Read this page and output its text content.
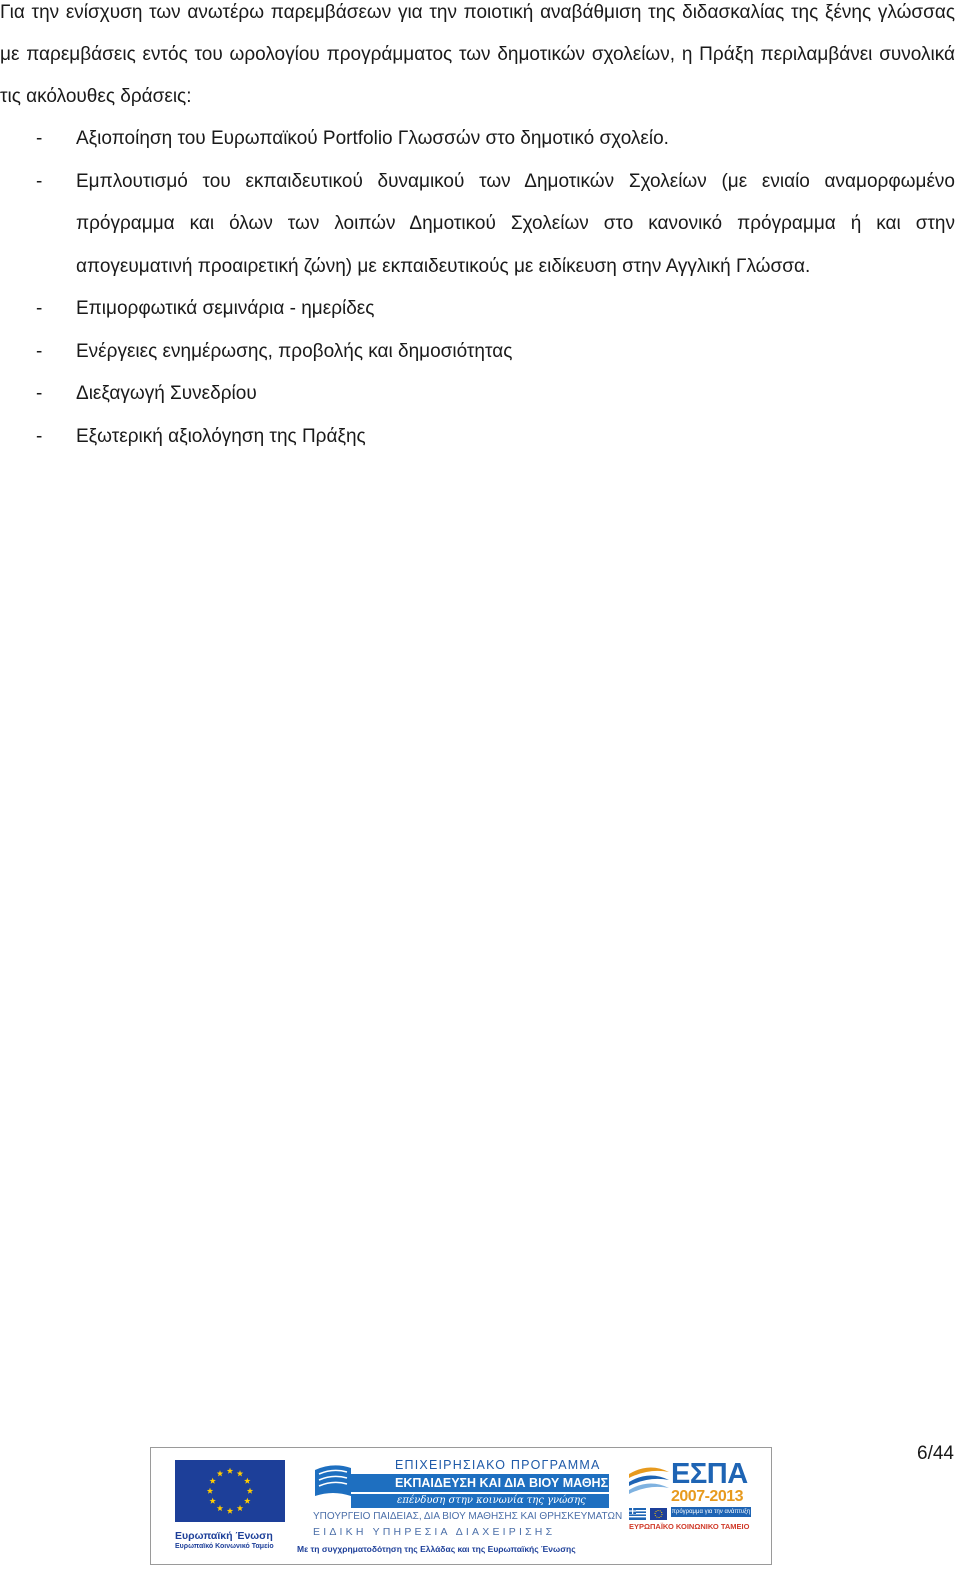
Για την ενίσχυση των ανωτέρω παρεμβάσεων για την ποιοτική αναβάθμιση της διδασκαλίας της ξένης γλώσσας με παρεμβάσεις εντός του ωρολογίου προγράμματος των δημοτικών σχολείων, η Πράξη περιλαμβάνει συνολικά τις ακόλουθες δράσεις:

- Αξιοποίηση του Ευρωπαϊκού Portfolio Γλωσσών στο δημοτικό σχολείο.
- Εμπλουτισμό του εκπαιδευτικού δυναμικού των Δημοτικών Σχολείων (με ενιαίο αναμορφωμένο πρόγραμμα και όλων των λοιπών Δημοτικού Σχολείων στο κανονικό πρόγραμμα ή και στην απογευματινή προαιρετική ζώνη) με εκπαιδευτικούς με ειδίκευση στην Αγγλική Γλώσσα.
- Επιμορφωτικά σεμινάρια - ημερίδες
- Ενέργειες ενημέρωσης, προβολής και δημοσιότητας
- Διεξαγωγή Συνεδρίου
- Εξωτερική αξιολόγηση της Πράξης
6/44
Ευρωπαϊκή Ένωση
Ευρωπαϊκό Κοινωνικό Ταμείο
ΕΠΙΧΕΙΡΗΣΙΑΚΟ ΠΡΟΓΡΑΜΜΑ
ΕΚΠΑΙΔΕΥΣΗ ΚΑΙ ΔΙΑ ΒΙΟΥ ΜΑΘΗΣΗ
επένδυση στην κοινωνία της γνώσης
ΥΠΟΥΡΓΕΙΟ ΠΑΙΔΕΙΑΣ, ΔΙΑ ΒΙΟΥ ΜΑΘΗΣΗΣ ΚΑΙ ΘΡΗΣΚΕΥΜΑΤΩΝ
ΕΙΔΙΚΗ ΥΠΗΡΕΣΙΑ ΔΙΑΧΕΙΡΙΣΗΣ
Με τη συγχρηματοδότηση της Ελλάδας και της Ευρωπαϊκής Ένωσης
ΕΣΠΑ
2007-2013
πρόγραμμα για την ανάπτυξη
ΕΥΡΩΠΑΪΚΟ ΚΟΙΝΩΝΙΚΟ ΤΑΜΕΙΟ
